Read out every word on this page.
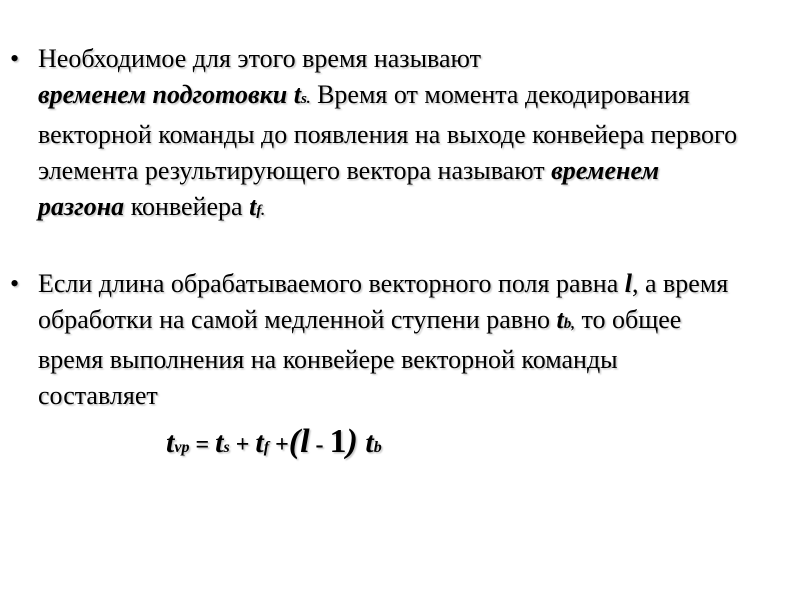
• Необходимое для этого время называют
временем подготовки ts. Время от момента декодирования векторной команды до появления на выходе конвейера первого элемента результирующего вектора называют временем разгона конвейера tf.
• Если длина обрабатываемого векторного поля равна l, а время обработки на самой медленной ступени равно tb, то общее время выполнения на конвейере векторной команды составляет
tvp = ts + tf +(l - 1) tb
